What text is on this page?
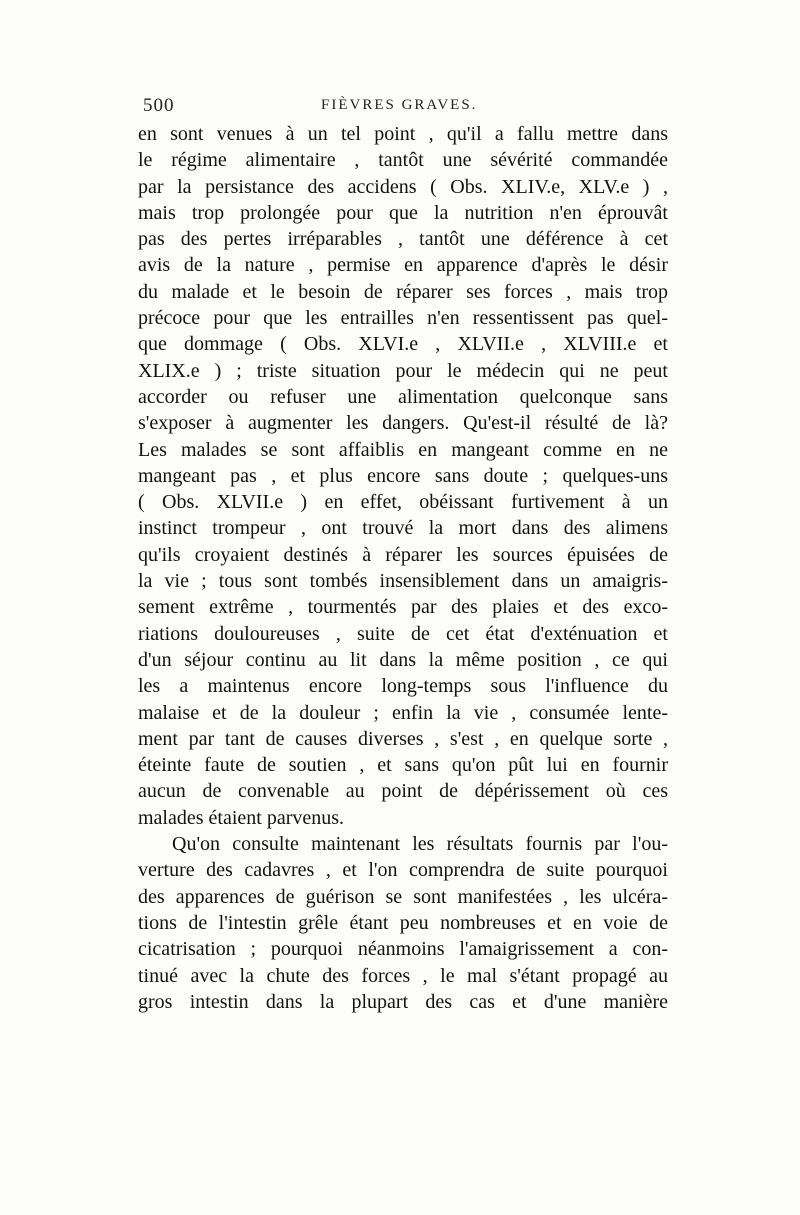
500	FIÈVRES GRAVES.
en sont venues à un tel point , qu'il a fallu mettre dans
le régime alimentaire , tantôt une sévérité commandée
par la persistance des accidens ( Obs. XLIV.e, XLV.e ) ,
mais trop prolongée pour que la nutrition n'en éprouvât
pas des pertes irréparables , tantôt une déférence à cet
avis de la nature , permise en apparence d'après le désir
du malade et le besoin de réparer ses forces , mais trop
précoce pour que les entrailles n'en ressentissent pas quel-
que dommage ( Obs. XLVI.e , XLVII.e , XLVIII.e et
XLIX.e ) ; triste situation pour le médecin qui ne peut
accorder ou refuser une alimentation quelconque sans
s'exposer à augmenter les dangers. Qu'est-il résulté de là?
Les malades se sont affaiblis en mangeant comme en ne
mangeant pas , et plus encore sans doute ; quelques-uns
( Obs. XLVII.e ) en effet, obéissant furtivement à un
instinct trompeur , ont trouvé la mort dans des alimens
qu'ils croyaient destinés à réparer les sources épuisées de
la vie ; tous sont tombés insensiblement dans un amaigris-
sement extrême , tourmentés par des plaies et des exco-
riations douloureuses , suite de cet état d'exténuation et
d'un séjour continu au lit dans la même position , ce qui
les a maintenus encore long-temps sous l'influence du
malaise et de la douleur ; enfin la vie , consumée lente-
ment par tant de causes diverses , s'est , en quelque sorte ,
éteinte faute de soutien , et sans qu'on pût lui en fournir
aucun de convenable au point de dépérissement où ces
malades étaient parvenus.
Qu'on consulte maintenant les résultats fournis par l'ou-
verture des cadavres , et l'on comprendra de suite pourquoi
des apparences de guérison se sont manifestées , les ulcéra-
tions de l'intestin grêle étant peu nombreuses et en voie de
cicatrisation ; pourquoi néanmoins l'amaigrissement a con-
tinué avec la chute des forces , le mal s'étant propagé au
gros intestin dans la plupart des cas et d'une manière
